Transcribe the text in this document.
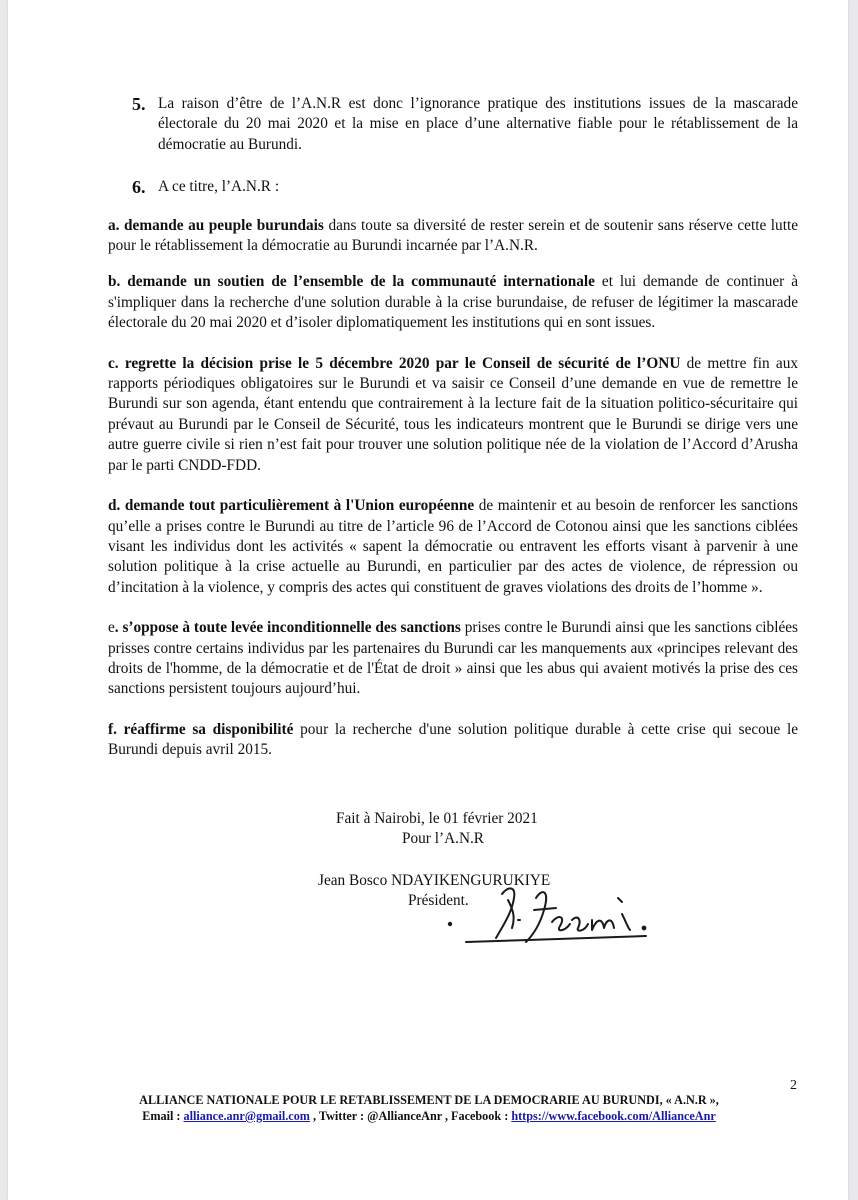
5. La raison d’être de l’A.N.R est donc l’ignorance pratique des institutions issues de la mascarade électorale du 20 mai 2020 et la mise en place d’une alternative fiable pour le rétablissement de la démocratie au Burundi.
6. A ce titre, l’A.N.R :

a. demande au peuple burundais dans toute sa diversité de rester serein et de soutenir sans réserve cette lutte pour le rétablissement la démocratie au Burundi incarnée par l’A.N.R.

b. demande un soutien de l’ensemble de la communauté internationale et lui demande de continuer à s'impliquer dans la recherche d'une solution durable à la crise burundaise, de refuser de légitimer la mascarade électorale du 20 mai 2020 et d’isoler diplomatiquement les institutions qui en sont issues.

c. regrette la décision prise le 5 décembre 2020 par le Conseil de sécurité de l’ONU de mettre fin aux rapports périodiques obligatoires sur le Burundi et va saisir ce Conseil d’une demande en vue de remettre le Burundi sur son agenda, étant entendu que contrairement à la lecture fait de la situation politico-sécuritaire qui prévaut au Burundi par le Conseil de Sécurité, tous les indicateurs montrent que le Burundi se dirige vers une autre guerre civile si rien n’est fait pour trouver une solution politique née de la violation de l’Accord d’Arusha par le parti CNDD-FDD.

d. demande tout particulièrement à l'Union européenne de maintenir et au besoin de renforcer les sanctions qu’elle a prises contre le Burundi au titre de l’article 96 de l’Accord de Cotonou ainsi que les sanctions ciblées visant les individus dont les activités « sapent la démocratie ou entravent les efforts visant à parvenir à une solution politique à la crise actuelle au Burundi, en particulier par des actes de violence, de répression ou d’incitation à la violence, y compris des actes qui constituent de graves violations des droits de l’homme ».

e. s’oppose à toute levée inconditionnelle des sanctions prises contre le Burundi ainsi que les sanctions ciblées prisses contre certains individus par les partenaires du Burundi car les manquements aux «principes relevant des droits de l'homme, de la démocratie et de l'État de droit » ainsi que les abus qui avaient motivés la prise des ces sanctions persistent toujours aujourd’hui.

f. réaffirme sa disponibilité pour la recherche d'une solution politique durable à cette crise qui secoue le Burundi depuis avril 2015.

Fait à Nairobi, le 01 février 2021
Pour l’A.N.R
Jean Bosco NDAYIKENGURUKIYE
Président.
2
ALLIANCE NATIONALE POUR LE RETABLISSEMENT DE LA DEMOCRARIE AU BURUNDI, « A.N.R »,
Email : alliance.anr@gmail.com , Twitter : @AllianceAnr , Facebook : https://www.facebook.com/AllianceAnr
